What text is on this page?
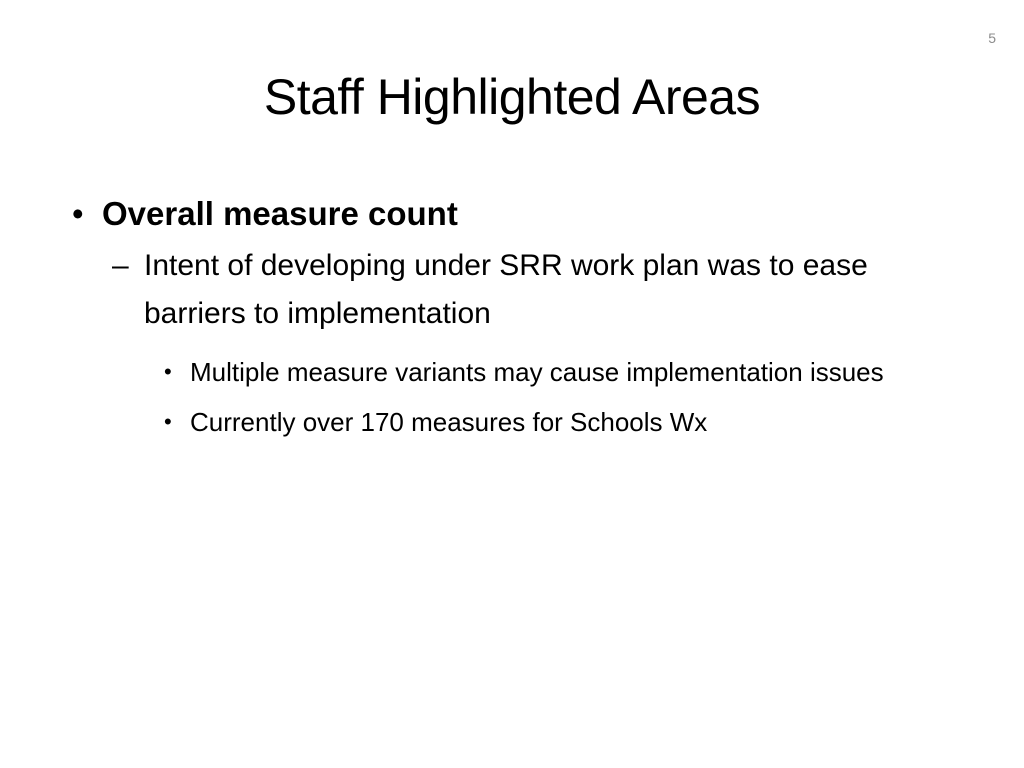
5
Staff Highlighted Areas
• Overall measure count
– Intent of developing under SRR work plan was to ease barriers to implementation
• Multiple measure variants may cause implementation issues
• Currently over 170 measures for Schools Wx
